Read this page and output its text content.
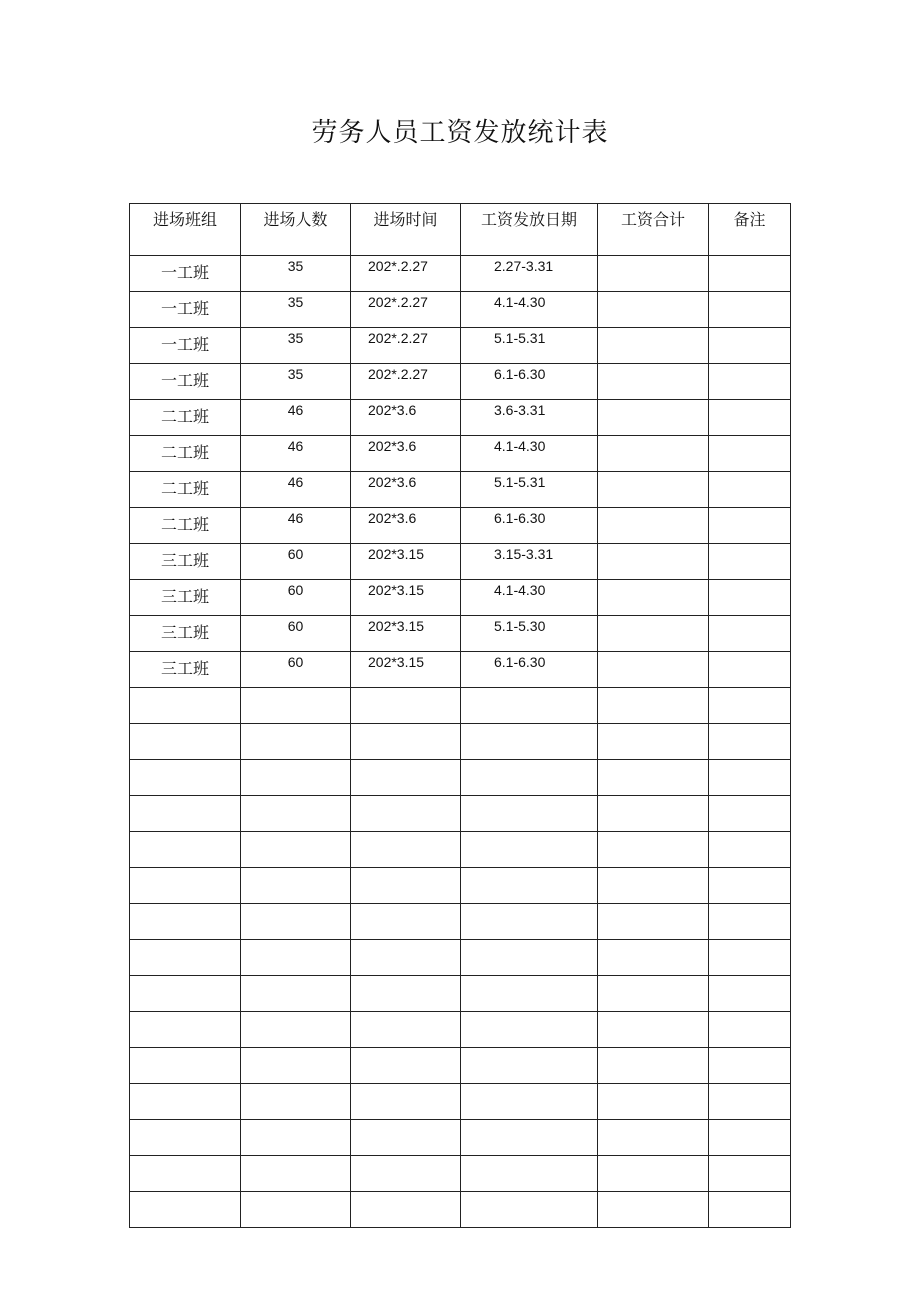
劳务人员工资发放统计表
进场班组	进场人数	进场时间	工资发放日期	工资合计	备注
一工班	35	202*.2.27	2.27-3.31		
一工班	35	202*.2.27	4.1-4.30		
一工班	35	202*.2.27	5.1-5.31		
一工班	35	202*.2.27	6.1-6.30		
二工班	46	202*3.6	3.6-3.31		
二工班	46	202*3.6	4.1-4.30		
二工班	46	202*3.6	5.1-5.31		
二工班	46	202*3.6	6.1-6.30		
三工班	60	202*3.15	3.15-3.31		
三工班	60	202*3.15	4.1-4.30		
三工班	60	202*3.15	5.1-5.30		
三工班	60	202*3.15	6.1-6.30		
